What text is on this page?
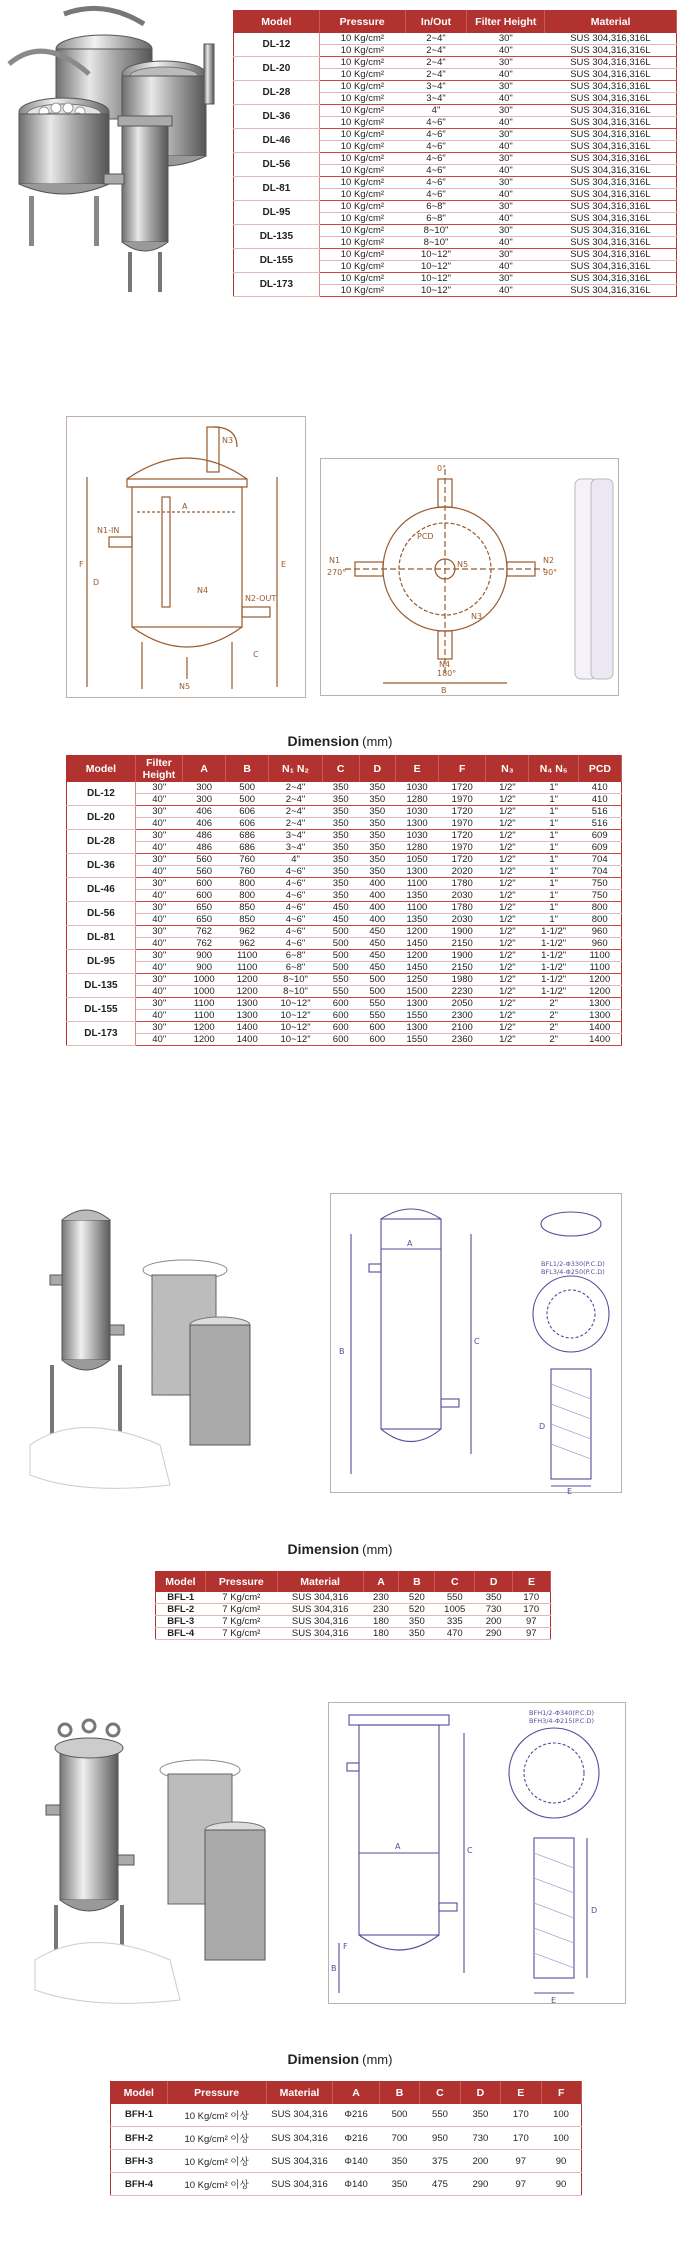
Model	Pressure	In/Out	Filter Height	Material
DL-12	10 Kg/cm²	2~4"	30"	SUS 304,316,316L
	10 Kg/cm²	2~4"	40"	SUS 304,316,316L
DL-20	10 Kg/cm²	2~4"	30"	SUS 304,316,316L
	10 Kg/cm²	2~4"	40"	SUS 304,316,316L
DL-28	10 Kg/cm²	3~4"	30"	SUS 304,316,316L
	10 Kg/cm²	3~4"	40"	SUS 304,316,316L
DL-36	10 Kg/cm²	4"	30"	SUS 304,316,316L
	10 Kg/cm²	4~6"	40"	SUS 304,316,316L
DL-46	10 Kg/cm²	4~6"	30"	SUS 304,316,316L
	10 Kg/cm²	4~6"	40"	SUS 304,316,316L
DL-56	10 Kg/cm²	4~6"	30"	SUS 304,316,316L
	10 Kg/cm²	4~6"	40"	SUS 304,316,316L
DL-81	10 Kg/cm²	4~6"	30"	SUS 304,316,316L
	10 Kg/cm²	4~6"	40"	SUS 304,316,316L
DL-95	10 Kg/cm²	6~8"	30"	SUS 304,316,316L
	10 Kg/cm²	6~8"	40"	SUS 304,316,316L
DL-135	10 Kg/cm²	8~10"	30"	SUS 304,316,316L
	10 Kg/cm²	8~10"	40"	SUS 304,316,316L
DL-155	10 Kg/cm²	10~12"	30"	SUS 304,316,316L
	10 Kg/cm²	10~12"	40"	SUS 304,316,316L
DL-173	10 Kg/cm²	10~12"	30"	SUS 304,316,316L
	10 Kg/cm²	10~12"	40"	SUS 304,316,316L
N3
A
N1-IN
F
D
N4
N2-OUT
E
C
N5
0°
PCD
N1
270°
N5	N2
90°
N3
N4
180°
B
Dimension (mm)
Model	Filter Height	A	B	N₁ N₂	C	D	E	F	N₃	N₄ N₅	PCD
DL-12	30"	300	500	2~4"	350	350	1030	1720	1/2"	1"	410
	40"	300	500	2~4"	350	350	1280	1970	1/2"	1"	410
DL-20	30"	406	606	2~4"	350	350	1030	1720	1/2"	1"	516
	40"	406	606	2~4"	350	350	1300	1970	1/2"	1"	516
DL-28	30"	486	686	3~4"	350	350	1030	1720	1/2"	1"	609
	40"	486	686	3~4"	350	350	1280	1970	1/2"	1"	609
DL-36	30"	560	760	4"	350	350	1050	1720	1/2"	1"	704
	40"	560	760	4~6"	350	350	1300	2020	1/2"	1"	704
DL-46	30"	600	800	4~6"	350	400	1100	1780	1/2"	1"	750
	40"	600	800	4~6"	350	400	1350	2030	1/2"	1"	750
DL-56	30"	650	850	4~6"	450	400	1100	1780	1/2"	1"	800
	40"	650	850	4~6"	450	400	1350	2030	1/2"	1"	800
DL-81	30"	762	962	4~6"	500	450	1200	1900	1/2"	1-1/2"	960
	40"	762	962	4~6"	500	450	1450	2150	1/2"	1-1/2"	960
DL-95	30"	900	1100	6~8"	500	450	1200	1900	1/2"	1-1/2"	1100
	40"	900	1100	6~8"	500	450	1450	2150	1/2"	1-1/2"	1100
DL-135	30"	1000	1200	8~10"	550	500	1250	1980	1/2"	1-1/2"	1200
	40"	1000	1200	8~10"	550	500	1500	2230	1/2"	1-1/2"	1200
DL-155	30"	1100	1300	10~12"	600	550	1300	2050	1/2"	2"	1300
	40"	1100	1300	10~12"	600	550	1550	2300	1/2"	2"	1300
DL-173	30"	1200	1400	10~12"	600	600	1300	2100	1/2"	2"	1400
	40"	1200	1400	10~12"	600	600	1550	2360	1/2"	2"	1400
A
B
C
D
E
BFL1/2-Φ330(P.C.D)
BFL3/4-Φ250(P.C.D)
Dimension (mm)
Model	Pressure	Material	A	B	C	D	E
BFL-1	7 Kg/cm²	SUS 304,316	230	520	550	350	170
BFL-2	7 Kg/cm²	SUS 304,316	230	520	1005	730	170
BFL-3	7 Kg/cm²	SUS 304,316	180	350	335	200	97
BFL-4	7 Kg/cm²	SUS 304,316	180	350	470	290	97
A
B
C
D
E
F
BFH1/2-Φ340(P.C.D)
BFH3/4-Φ215(P.C.D)
Dimension (mm)
Model	Pressure	Material	A	B	C	D	E	F
BFH-1	10 Kg/cm² 이상	SUS 304,316	Φ216	500	550	350	170	100
BFH-2	10 Kg/cm² 이상	SUS 304,316	Φ216	700	950	730	170	100
BFH-3	10 Kg/cm² 이상	SUS 304,316	Φ140	350	375	200	97	90
BFH-4	10 Kg/cm² 이상	SUS 304,316	Φ140	350	475	290	97	90
